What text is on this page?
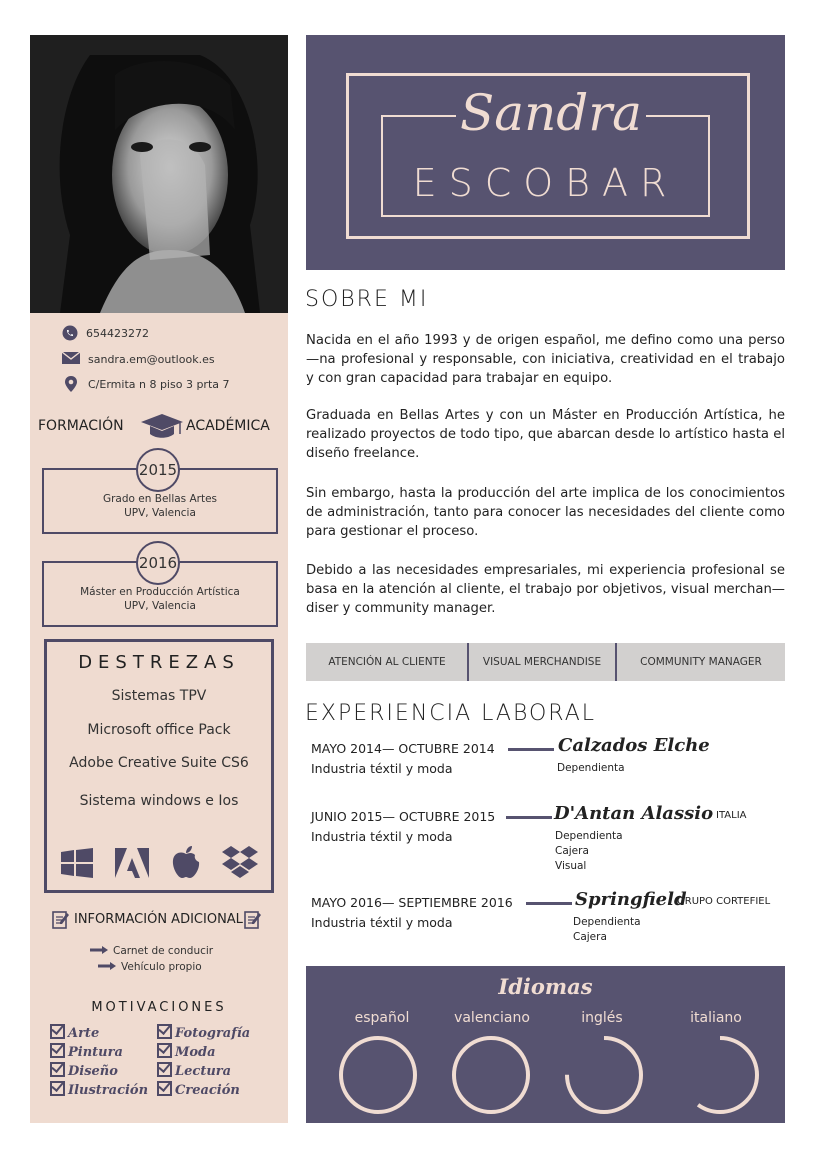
654423272
sandra.em@outlook.es
C/Ermita n 8 piso 3 prta 7
FORMACIÓN	ACADÉMICA
Grado en Bellas Artes
UPV, Valencia
2015
Máster en Producción Artística
UPV, Valencia
2016
DESTREZAS
Sistemas TPV
Microsoft office Pack
Adobe Creative Suite CS6
Sistema windows e Ios
INFORMACIÓN ADICIONAL
Carnet de conducir
Vehículo propio
MOTIVACIONES
Arte
Pintura
Diseño
Ilustración
Fotografía
Moda
Lectura
Creación
Sandra
ESCOBAR
SOBRE MI
Nacida en el año 1993 y de origen español, me defino como una perso—na profesional y responsable, con iniciativa, creatividad en el trabajo y con gran capacidad para trabajar en equipo.
Graduada en Bellas Artes y con un Máster en Producción Artística, he realizado proyectos de todo tipo, que abarcan desde lo artístico hasta el diseño freelance.
Sin embargo, hasta la producción del arte implica de los conocimientos de administración, tanto para conocer las necesidades del cliente como para gestionar el proceso.
Debido a las necesidades empresariales, mi experiencia profesional se basa en la atención al cliente, el trabajo por objetivos, visual merchan—diser y community manager.
ATENCIÓN AL CLIENTE	VISUAL MERCHANDISE	COMMUNITY MANAGER
EXPERIENCIA LABORAL
MAYO 2014— OCTUBRE 2014	Calzados Elche
Industria téxtil y moda	Dependienta
JUNIO 2015— OCTUBRE 2015	D'Antan Alassio ITALIA
Industria téxtil y moda	Dependienta
Cajera
Visual
MAYO 2016— SEPTIEMBRE 2016	Springfield
GRUPO CORTEFIEL
Industria téxtil y moda	Dependienta
Cajera
Idiomas
español	valenciano	inglés	italiano
